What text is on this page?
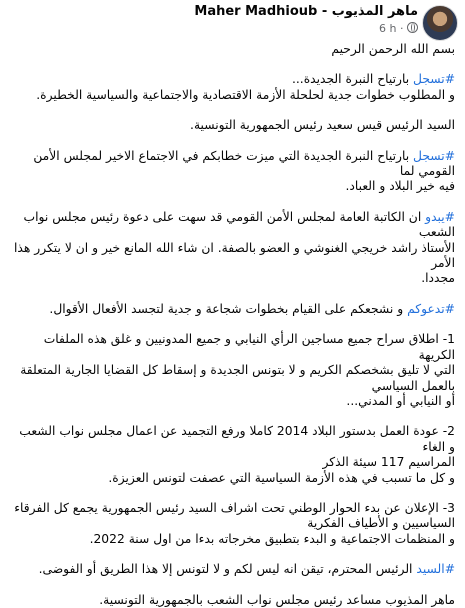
Maher Madhioub - ماهر المذيوب
6 h ·

بسم الله الرحمن الرحيم

#تسجل بارتياح النبرة الجديدة...

و المطلوب خطوات جدية لحلحلة الأزمة الاقتصادية والاجتماعية والسياسية الخطيرة.

السيد الرئيس قيس سعيد رئيس الجمهورية التونسية.

#تسجل بارتياح النبرة الجديدة التي ميزت خطابكم في الاجتماع الاخير لمجلس الأمن القومي لما

فيه خير البلاد و العباد.

#يبدو ان الكاتبة العامة لمجلس الأمن القومي قد سهت على دعوة رئيس مجلس نواب الشعب

الأستاذ راشد خريجي الغنوشي و العضو بالصفة. ان شاء الله المانع خير و ان لا يتكرر هذا الأمر

مجددا.

#تدعوكم و نشجعكم على القيام بخطوات شجاعة و جدية لتجسد الأفعال الأقوال.

1- اطلاق سراح جميع مساجين الرأي النيابي و جميع المدونيين و غلق هذه الملفات الكريهة

التي لا تليق بشخصكم الكريم و لا بتونس الجديدة و إسقاط كل القضايا الجارية المتعلقة

بالعمل السياسي

أو النيابي أو المدني...

2- عودة العمل بدستور البلاد 2014 كاملا ورفع التجميد عن اعمال مجلس نواب الشعب و الغاء

المراسيم 117 سيئة الذكر

و كل ما تسبب في هذه الأزمة السياسية التي عصفت لتونس العزيزة.

3- الإعلان عن بدء الحوار الوطني تحت اشراف السيد رئيس الجمهورية يجمع كل الفرقاء

السياسيين و الأطياف الفكرية

و المنظمات الاجتماعية و البدء بتطبيق مخرجاته بدءا من اول سنة 2022.

#السيد الرئيس المحترم، تيقن انه ليس لكم و لا لتونس إلا هذا الطريق أو الفوضى.

ماهر المذيوب مساعد رئيس مجلس نواب الشعب بالجمهورية التونسية.
